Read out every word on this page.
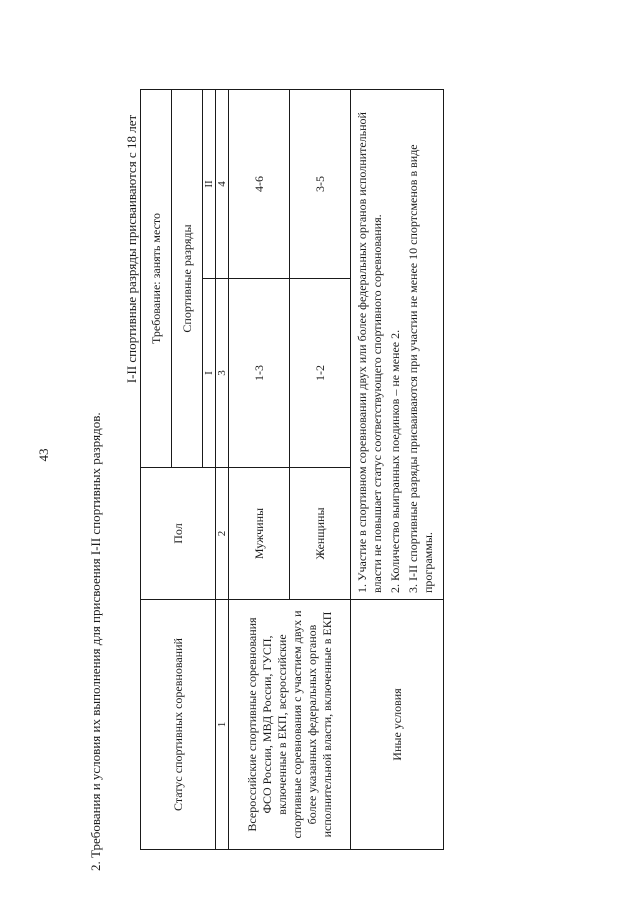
43	2. Требования и условия их выполнения для присвоения I-II спортивных разрядов.
I-II спортивные разряды присваиваются с 18 лет
Статус спортивных соревнований	Пол	Требование: занять место	
		Спортивные разряды	
		I	II
1	2	3	4
Всероссийские спортивные соревнования ФСО России, МВД России, ГУСП, включенные в ЕКП, всероссийские спортивные соревнования с участием двух и более указанных федеральных органов исполнительной власти, включенные в ЕКП	Мужчины	1-3	4-6
	Женщины	1-2	3-5
Иные условия	1. Участие в спортивном соревновании двух или более федеральных органов исполнительной власти не повышает статус соответствующего спортивного соревнования. 2. Количество выигранных поединков – не менее 2. 3. I-II спортивные разряды присваиваются при участии не менее 10 спортсменов в виде программы.		
